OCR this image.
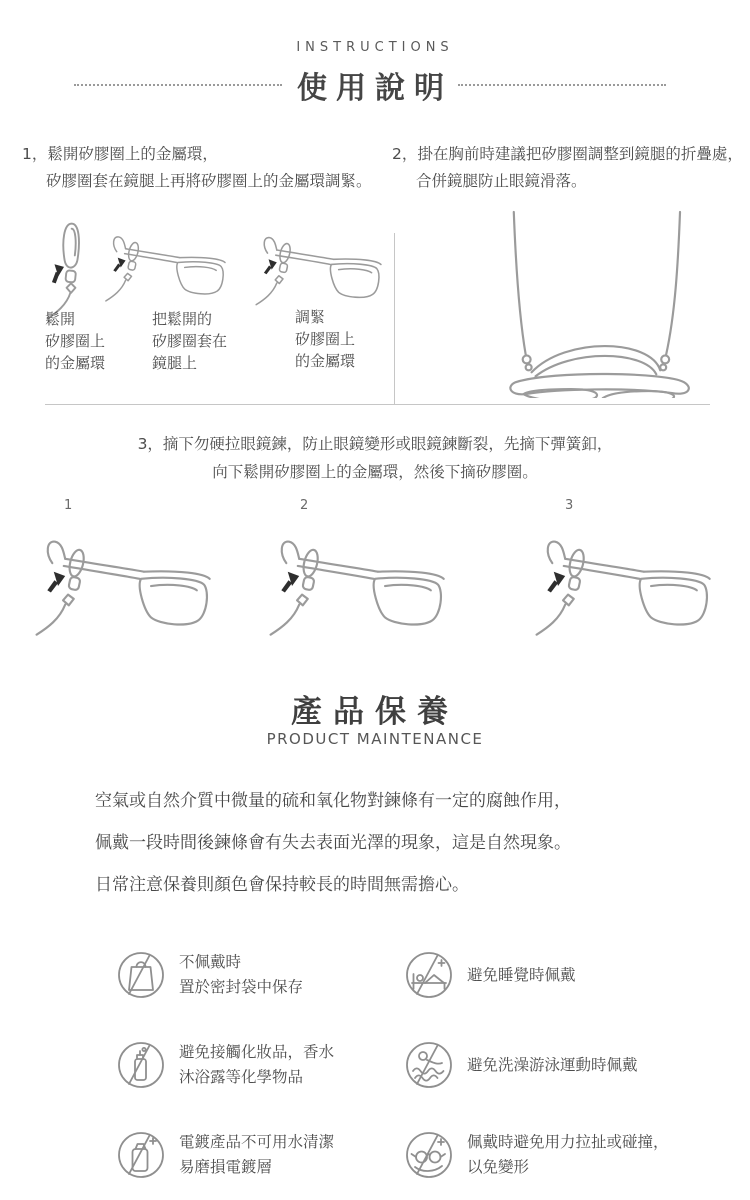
INSTRUCTIONS
使用說明
1，鬆開矽膠圈上的金屬環，
矽膠圈套在鏡腿上再將矽膠圈上的金屬環調緊。
2，掛在胸前時建議把矽膠圈調整到鏡腿的折疊處，
合併鏡腿防止眼鏡滑落。
鬆開
矽膠圈上
的金屬環
把鬆開的
矽膠圈套在
鏡腿上
調緊
矽膠圈上
的金屬環
3，摘下勿硬拉眼鏡鍊，防止眼鏡變形或眼鏡鍊斷裂，先摘下彈簧釦，
向下鬆開矽膠圈上的金屬環，然後下摘矽膠圈。
1	2	3
產品保養
PRODUCT MAINTENANCE
空氣或自然介質中微量的硫和氧化物對鍊條有一定的腐蝕作用，
佩戴一段時間後鍊條會有失去表面光澤的現象，這是自然現象。
日常注意保養則顏色會保持較長的時間無需擔心。
不佩戴時
置於密封袋中保存
避免睡覺時佩戴
避免接觸化妝品，香水
沐浴露等化學物品
避免洗澡游泳運動時佩戴
電鍍產品不可用水清潔
易磨損電鍍層
佩戴時避免用力拉扯或碰撞，
以免變形
